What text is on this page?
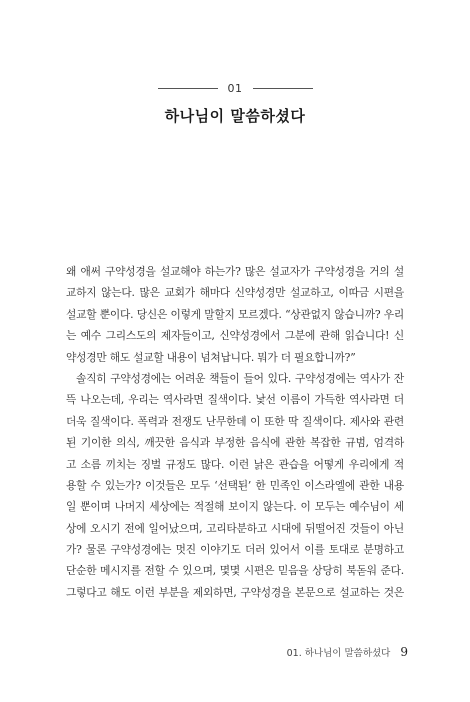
01
하나님이 말씀하셨다
왜 애써 구약성경을 설교해야 하는가? 많은 설교자가 구약성경을 거의 설
교하지 않는다. 많은 교회가 해마다 신약성경만 설교하고, 이따금 시편을
설교할 뿐이다. 당신은 이렇게 말할지 모르겠다. “상관없지 않습니까? 우리
는 예수 그리스도의 제자들이고, 신약성경에서 그분에 관해 읽습니다! 신
약성경만 해도 설교할 내용이 넘쳐납니다. 뭐가 더 필요합니까?”
솔직히 구약성경에는 어려운 책들이 들어 있다. 구약성경에는 역사가 잔
뜩 나오는데, 우리는 역사라면 질색이다. 낯선 이름이 가득한 역사라면 더
더욱 질색이다. 폭력과 전쟁도 난무한데 이 또한 딱 질색이다. 제사와 관련
된 기이한 의식, 깨끗한 음식과 부정한 음식에 관한 복잡한 규범, 엄격하
고 소름 끼치는 징벌 규정도 많다. 이런 낡은 관습을 어떻게 우리에게 적
용할 수 있는가? 이것들은 모두 ‘선택된’ 한 민족인 이스라엘에 관한 내용
일 뿐이며 나머지 세상에는 적절해 보이지 않는다. 이 모두는 예수님이 세
상에 오시기 전에 일어났으며, 고리타분하고 시대에 뒤떨어진 것들이 아닌
가? 물론 구약성경에는 멋진 이야기도 더러 있어서 이를 토대로 분명하고
단순한 메시지를 전할 수 있으며, 몇몇 시편은 믿음을 상당히 북돋워 준다.
그렇다고 해도 이런 부분을 제외하면, 구약성경을 본문으로 설교하는 것은
01. 하나님이 말씀하셨다 9
